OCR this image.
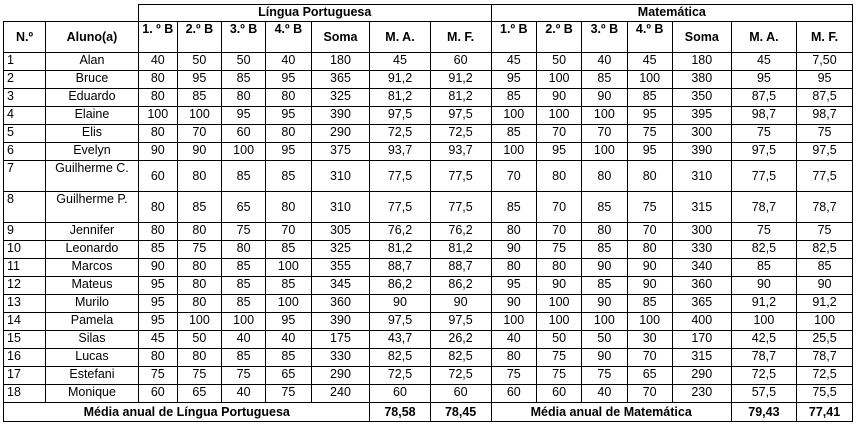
		Língua Portuguesa							Matemática						
N.º	Aluno(a)	1. º B	2.º B	3.º B	4.º B	Soma	M. A.	M. F.	1.º B	2.º B	3.º B	4.º B	Soma	M. A.	M. F.
1	Alan	40	50	50	40	180	45	60	45	50	40	45	180	45	7,50
2	Bruce	80	95	85	95	365	91,2	91,2	95	100	85	100	380	95	95
3	Eduardo	80	85	80	80	325	81,2	81,2	85	90	90	85	350	87,5	87,5
4	Elaine	100	100	95	95	390	97,5	97,5	100	100	100	95	395	98,7	98,7
5	Elis	80	70	60	80	290	72,5	72,5	85	70	70	75	300	75	75
6	Evelyn	90	90	100	95	375	93,7	93,7	100	95	100	95	390	97,5	97,5
7	Guilherme C.	60	80	85	85	310	77,5	77,5	70	80	80	80	310	77,5	77,5
8	Guilherme P.	80	85	65	80	310	77,5	77,5	85	70	85	75	315	78,7	78,7
9	Jennifer	80	80	75	70	305	76,2	76,2	80	70	80	70	300	75	75
10	Leonardo	85	75	80	85	325	81,2	81,2	90	75	85	80	330	82,5	82,5
11	Marcos	90	80	85	100	355	88,7	88,7	80	80	90	90	340	85	85
12	Mateus	95	80	85	85	345	86,2	86,2	95	90	85	90	360	90	90
13	Murilo	95	80	85	100	360	90	90	90	100	90	85	365	91,2	91,2
14	Pamela	95	100	100	95	390	97,5	97,5	100	100	100	100	400	100	100
15	Silas	45	50	40	40	175	43,7	26,2	40	50	50	30	170	42,5	25,5
16	Lucas	80	80	85	85	330	82,5	82,5	80	75	90	70	315	78,7	78,7
17	Estefani	75	75	75	65	290	72,5	72,5	75	75	75	65	290	72,5	72,5
18	Monique	60	65	40	75	240	60	60	60	60	40	70	230	57,5	75,5
Média anual de Língua Portuguesa							78,58	78,45	Média anual de Matemática					79,43	77,41
